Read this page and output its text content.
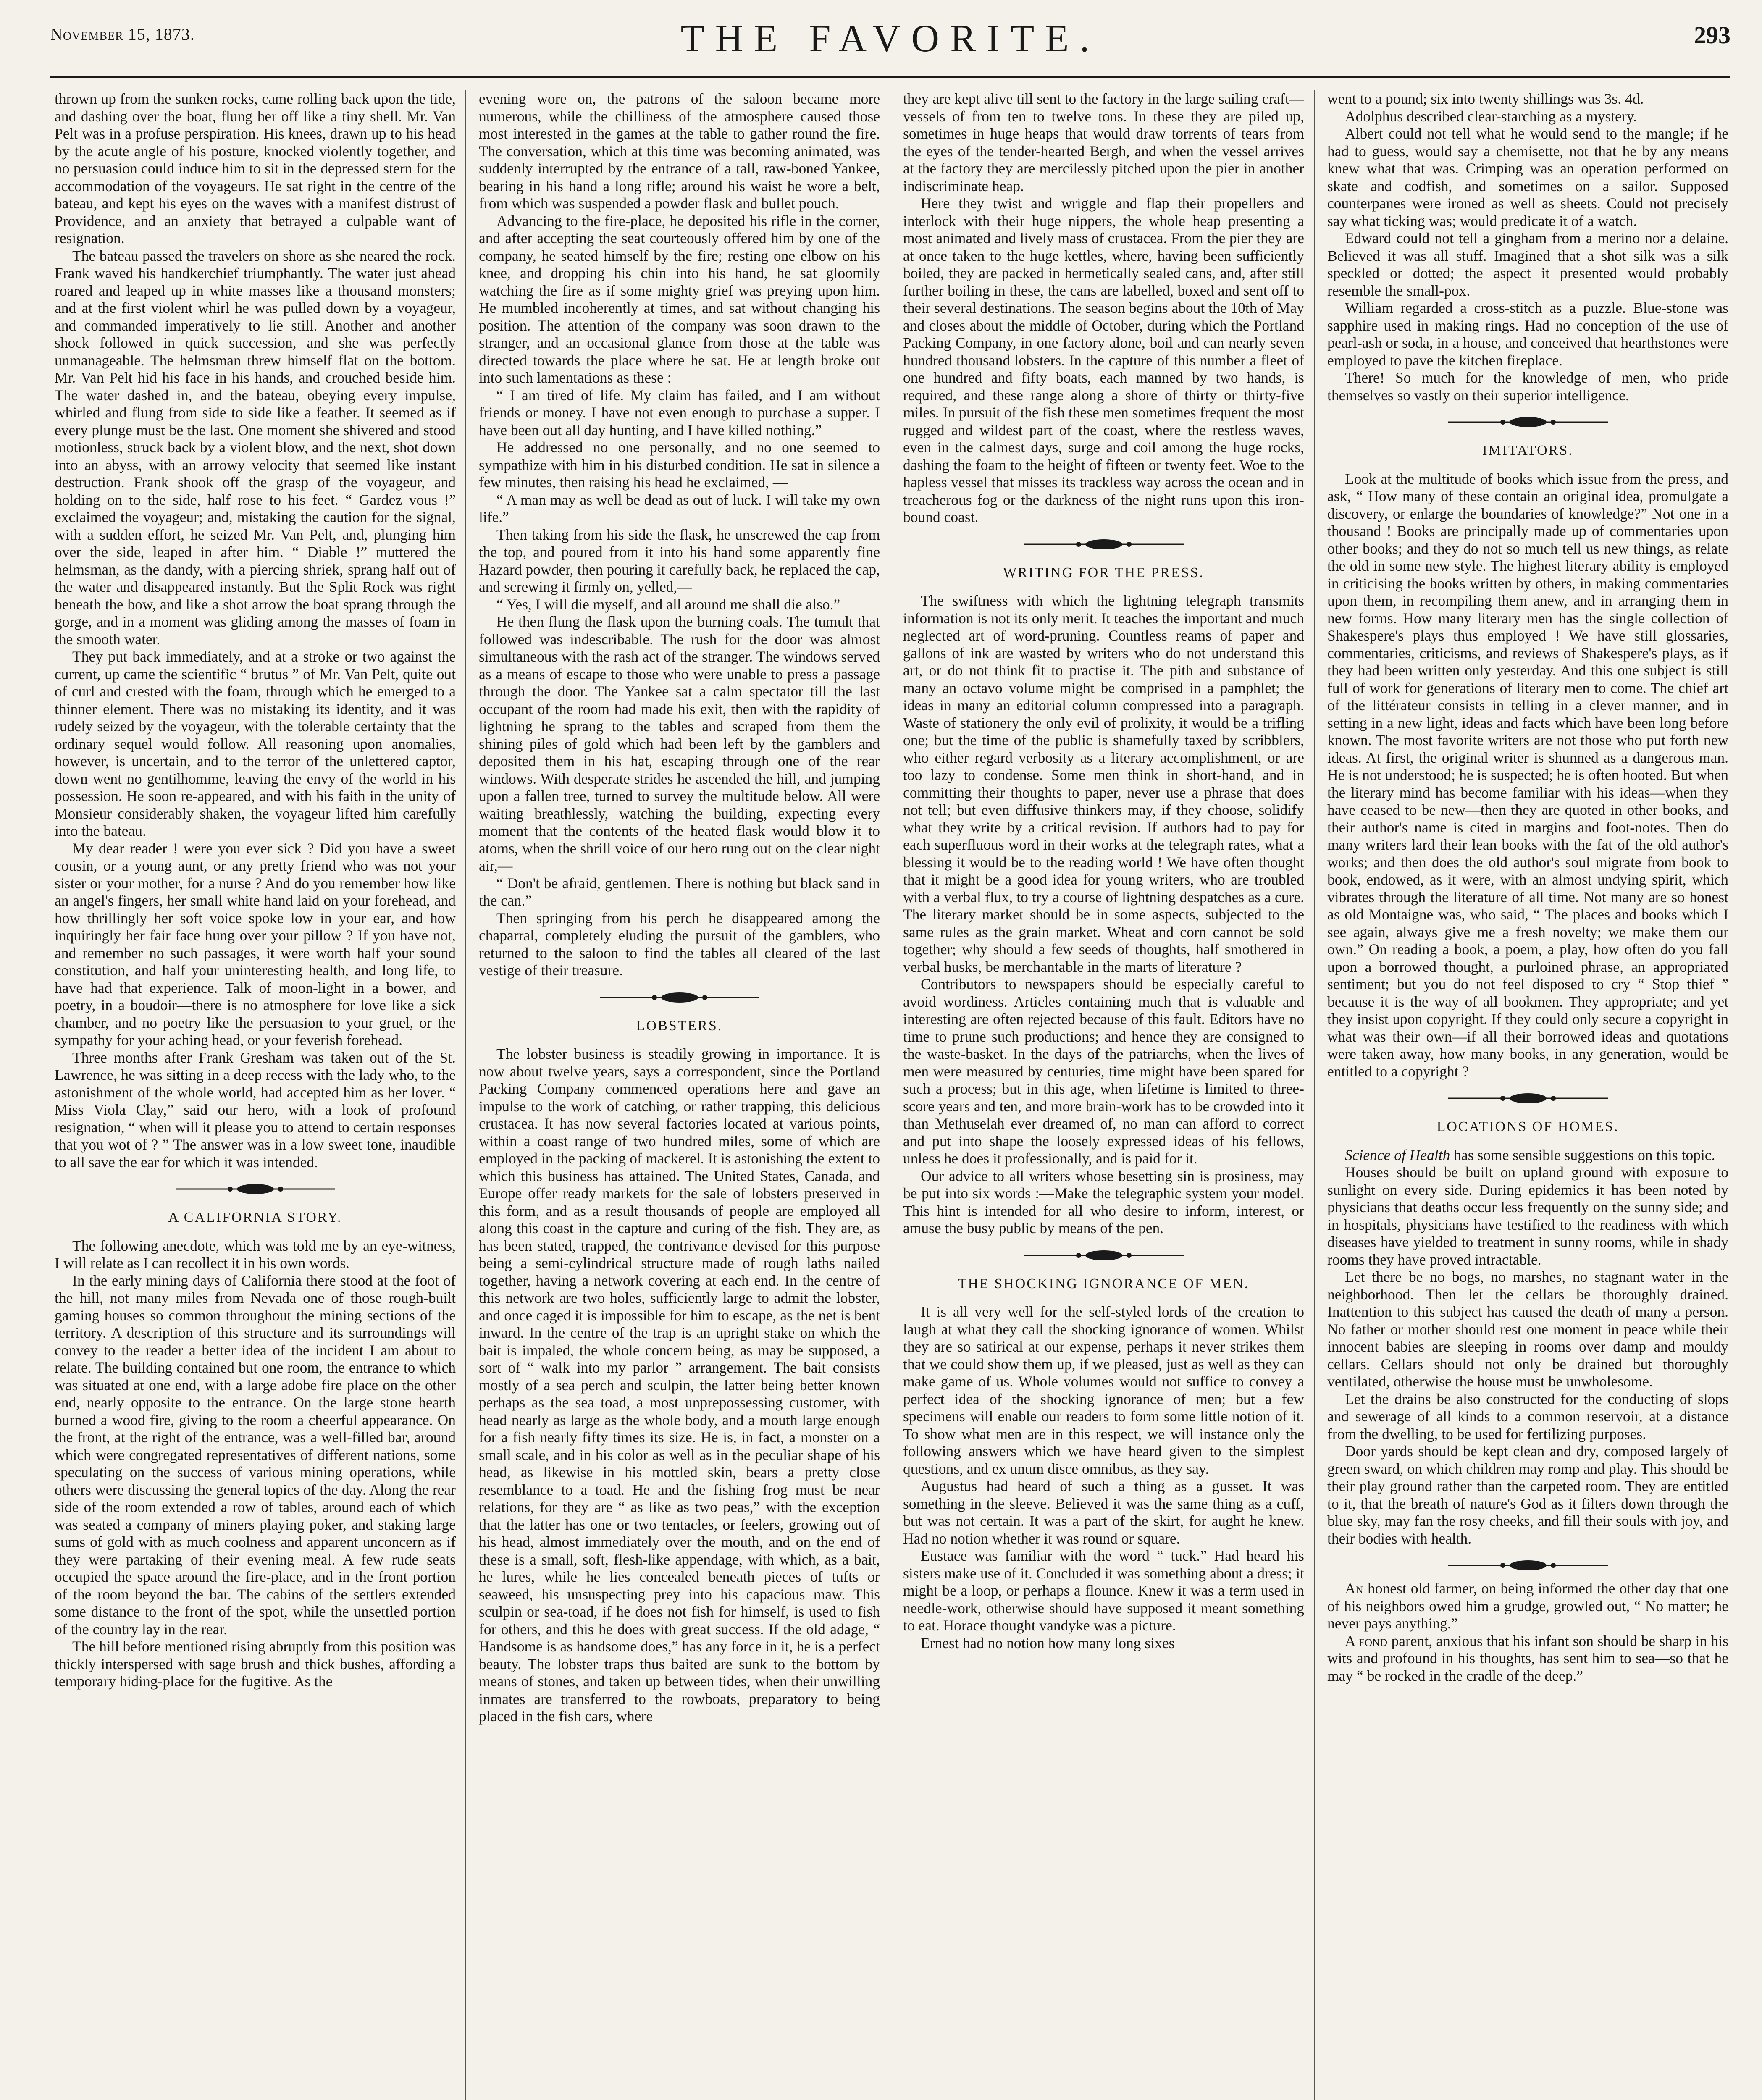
November 15, 1873.	THE FAVORITE.	293

thrown up from the sunken rocks, came rolling back upon the tide, and dashing over the boat, flung her off like a tiny shell. Mr. Van Pelt was in a profuse perspiration. His knees, drawn up to his head by the acute angle of his posture, knocked violently together, and no persuasion could induce him to sit in the depressed stern for the accommodation of the voyageurs. He sat right in the centre of the bateau, and kept his eyes on the waves with a manifest distrust of Providence, and an anxiety that betrayed a culpable want of resignation.

The bateau passed the travelers on shore as she neared the rock. Frank waved his handkerchief triumphantly. The water just ahead roared and leaped up in white masses like a thousand monsters; and at the first violent whirl he was pulled down by a voyageur, and commanded imperatively to lie still. Another and another shock followed in quick succession, and she was perfectly unmanageable. The helmsman threw himself flat on the bottom. Mr. Van Pelt hid his face in his hands, and crouched beside him. The water dashed in, and the bateau, obeying every impulse, whirled and flung from side to side like a feather. It seemed as if every plunge must be the last. One moment she shivered and stood motionless, struck back by a violent blow, and the next, shot down into an abyss, with an arrowy velocity that seemed like instant destruction. Frank shook off the grasp of the voyageur, and holding on to the side, half rose to his feet. “ Gardez vous !” exclaimed the voyageur; and, mistaking the caution for the signal, with a sudden effort, he seized Mr. Van Pelt, and, plunging him over the side, leaped in after him. “ Diable !” muttered the helmsman, as the dandy, with a piercing shriek, sprang half out of the water and disappeared instantly. But the Split Rock was right beneath the bow, and like a shot arrow the boat sprang through the gorge, and in a moment was gliding among the masses of foam in the smooth water.

They put back immediately, and at a stroke or two against the current, up came the scientific “ brutus ” of Mr. Van Pelt, quite out of curl and crested with the foam, through which he emerged to a thinner element. There was no mistaking its identity, and it was rudely seized by the voyageur, with the tolerable certainty that the ordinary sequel would follow. All reasoning upon anomalies, however, is uncertain, and to the terror of the unlettered captor, down went no gentilhomme, leaving the envy of the world in his possession. He soon re-appeared, and with his faith in the unity of Monsieur considerably shaken, the voyageur lifted him carefully into the bateau.

My dear reader ! were you ever sick ? Did you have a sweet cousin, or a young aunt, or any pretty friend who was not your sister or your mother, for a nurse ? And do you remember how like an angel's fingers, her small white hand laid on your forehead, and how thrillingly her soft voice spoke low in your ear, and how inquiringly her fair face hung over your pillow ? If you have not, and remember no such passages, it were worth half your sound constitution, and half your uninteresting health, and long life, to have had that experience. Talk of moon-light in a bower, and poetry, in a boudoir—there is no atmosphere for love like a sick chamber, and no poetry like the persuasion to your gruel, or the sympathy for your aching head, or your feverish forehead.

Three months after Frank Gresham was taken out of the St. Lawrence, he was sitting in a deep recess with the lady who, to the astonishment of the whole world, had accepted him as her lover. “ Miss Viola Clay,” said our hero, with a look of profound resignation, “ when will it please you to attend to certain responses that you wot of ? ” The answer was in a low sweet tone, inaudible to all save the ear for which it was intended.

A CALIFORNIA STORY.

The following anecdote, which was told me by an eye-witness, I will relate as I can recollect it in his own words.

In the early mining days of California there stood at the foot of the hill, not many miles from Nevada one of those rough-built gaming houses so common throughout the mining sections of the territory. A description of this structure and its surroundings will convey to the reader a better idea of the incident I am about to relate. The building contained but one room, the entrance to which was situated at one end, with a large adobe fire place on the other end, nearly opposite to the entrance. On the large stone hearth burned a wood fire, giving to the room a cheerful appearance. On the front, at the right of the entrance, was a well-filled bar, around which were congregated representatives of different nations, some speculating on the success of various mining operations, while others were discussing the general topics of the day. Along the rear side of the room extended a row of tables, around each of which was seated a company of miners playing poker, and staking large sums of gold with as much coolness and apparent unconcern as if they were partaking of their evening meal. A few rude seats occupied the space around the fire-place, and in the front portion of the room beyond the bar. The cabins of the settlers extended some distance to the front of the spot, while the unsettled portion of the country lay in the rear.

The hill before mentioned rising abruptly from this position was thickly interspersed with sage brush and thick bushes, affording a temporary hiding-place for the fugitive. As the

evening wore on, the patrons of the saloon became more numerous, while the chilliness of the atmosphere caused those most interested in the games at the table to gather round the fire. The conversation, which at this time was becoming animated, was suddenly interrupted by the entrance of a tall, raw-boned Yankee, bearing in his hand a long rifle; around his waist he wore a belt, from which was suspended a powder flask and bullet pouch.

Advancing to the fire-place, he deposited his rifle in the corner, and after accepting the seat courteously offered him by one of the company, he seated himself by the fire; resting one elbow on his knee, and dropping his chin into his hand, he sat gloomily watching the fire as if some mighty grief was preying upon him. He mumbled incoherently at times, and sat without changing his position. The attention of the company was soon drawn to the stranger, and an occasional glance from those at the table was directed towards the place where he sat. He at length broke out into such lamentations as these :

“ I am tired of life. My claim has failed, and I am without friends or money. I have not even enough to purchase a supper. I have been out all day hunting, and I have killed nothing.”

He addressed no one personally, and no one seemed to sympathize with him in his disturbed condition. He sat in silence a few minutes, then raising his head he exclaimed, —

“ A man may as well be dead as out of luck. I will take my own life.”

Then taking from his side the flask, he unscrewed the cap from the top, and poured from it into his hand some apparently fine Hazard powder, then pouring it carefully back, he replaced the cap, and screwing it firmly on, yelled,—

“ Yes, I will die myself, and all around me shall die also.”

He then flung the flask upon the burning coals. The tumult that followed was indescribable. The rush for the door was almost simultaneous with the rash act of the stranger. The windows served as a means of escape to those who were unable to press a passage through the door. The Yankee sat a calm spectator till the last occupant of the room had made his exit, then with the rapidity of lightning he sprang to the tables and scraped from them the shining piles of gold which had been left by the gamblers and deposited them in his hat, escaping through one of the rear windows. With desperate strides he ascended the hill, and jumping upon a fallen tree, turned to survey the multitude below. All were waiting breathlessly, watching the building, expecting every moment that the contents of the heated flask would blow it to atoms, when the shrill voice of our hero rung out on the clear night air,—

“ Don't be afraid, gentlemen. There is nothing but black sand in the can.”

Then springing from his perch he disappeared among the chaparral, completely eluding the pursuit of the gamblers, who returned to the saloon to find the tables all cleared of the last vestige of their treasure.

LOBSTERS.

The lobster business is steadily growing in importance. It is now about twelve years, says a correspondent, since the Portland Packing Company commenced operations here and gave an impulse to the work of catching, or rather trapping, this delicious crustacea. It has now several factories located at various points, within a coast range of two hundred miles, some of which are employed in the packing of mackerel. It is astonishing the extent to which this business has attained. The United States, Canada, and Europe offer ready markets for the sale of lobsters preserved in this form, and as a result thousands of people are employed all along this coast in the capture and curing of the fish. They are, as has been stated, trapped, the contrivance devised for this purpose being a semi-cylindrical structure made of rough laths nailed together, having a network covering at each end. In the centre of this network are two holes, sufficiently large to admit the lobster, and once caged it is impossible for him to escape, as the net is bent inward. In the centre of the trap is an upright stake on which the bait is impaled, the whole concern being, as may be supposed, a sort of “ walk into my parlor ” arrangement. The bait consists mostly of a sea perch and sculpin, the latter being better known perhaps as the sea toad, a most unprepossessing customer, with head nearly as large as the whole body, and a mouth large enough for a fish nearly fifty times its size. He is, in fact, a monster on a small scale, and in his color as well as in the peculiar shape of his head, as likewise in his mottled skin, bears a pretty close resemblance to a toad. He and the fishing frog must be near relations, for they are “ as like as two peas,” with the exception that the latter has one or two tentacles, or feelers, growing out of his head, almost immediately over the mouth, and on the end of these is a small, soft, flesh-like appendage, with which, as a bait, he lures, while he lies concealed beneath pieces of tufts or seaweed, his unsuspecting prey into his capacious maw. This sculpin or sea-toad, if he does not fish for himself, is used to fish for others, and this he does with great success. If the old adage, “ Handsome is as handsome does,” has any force in it, he is a perfect beauty. The lobster traps thus baited are sunk to the bottom by means of stones, and taken up between tides, when their unwilling inmates are transferred to the rowboats, preparatory to being placed in the fish cars, where

they are kept alive till sent to the factory in the large sailing craft—vessels of from ten to twelve tons. In these they are piled up, sometimes in huge heaps that would draw torrents of tears from the eyes of the tender-hearted Bergh, and when the vessel arrives at the factory they are mercilessly pitched upon the pier in another indiscriminate heap.

Here they twist and wriggle and flap their propellers and interlock with their huge nippers, the whole heap presenting a most animated and lively mass of crustacea. From the pier they are at once taken to the huge kettles, where, having been sufficiently boiled, they are packed in hermetically sealed cans, and, after still further boiling in these, the cans are labelled, boxed and sent off to their several destinations. The season begins about the 10th of May and closes about the middle of October, during which the Portland Packing Company, in one factory alone, boil and can nearly seven hundred thousand lobsters. In the capture of this number a fleet of one hundred and fifty boats, each manned by two hands, is required, and these range along a shore of thirty or thirty-five miles. In pursuit of the fish these men sometimes frequent the most rugged and wildest part of the coast, where the restless waves, even in the calmest days, surge and coil among the huge rocks, dashing the foam to the height of fifteen or twenty feet. Woe to the hapless vessel that misses its trackless way across the ocean and in treacherous fog or the darkness of the night runs upon this iron-bound coast.

WRITING FOR THE PRESS.

The swiftness with which the lightning telegraph transmits information is not its only merit. It teaches the important and much neglected art of word-pruning. Countless reams of paper and gallons of ink are wasted by writers who do not understand this art, or do not think fit to practise it. The pith and substance of many an octavo volume might be comprised in a pamphlet; the ideas in many an editorial column compressed into a paragraph. Waste of stationery the only evil of prolixity, it would be a trifling one; but the time of the public is shamefully taxed by scribblers, who either regard verbosity as a literary accomplishment, or are too lazy to condense. Some men think in short-hand, and in committing their thoughts to paper, never use a phrase that does not tell; but even diffusive thinkers may, if they choose, solidify what they write by a critical revision. If authors had to pay for each superfluous word in their works at the telegraph rates, what a blessing it would be to the reading world ! We have often thought that it might be a good idea for young writers, who are troubled with a verbal flux, to try a course of lightning despatches as a cure. The literary market should be in some aspects, subjected to the same rules as the grain market. Wheat and corn cannot be sold together; why should a few seeds of thoughts, half smothered in verbal husks, be merchantable in the marts of literature ?

Contributors to newspapers should be especially careful to avoid wordiness. Articles containing much that is valuable and interesting are often rejected because of this fault. Editors have no time to prune such productions; and hence they are consigned to the waste-basket. In the days of the patriarchs, when the lives of men were measured by centuries, time might have been spared for such a process; but in this age, when lifetime is limited to three-score years and ten, and more brain-work has to be crowded into it than Methuselah ever dreamed of, no man can afford to correct and put into shape the loosely expressed ideas of his fellows, unless he does it professionally, and is paid for it.

Our advice to all writers whose besetting sin is prosiness, may be put into six words :—Make the telegraphic system your model. This hint is intended for all who desire to inform, interest, or amuse the busy public by means of the pen.

THE SHOCKING IGNORANCE OF MEN.

It is all very well for the self-styled lords of the creation to laugh at what they call the shocking ignorance of women. Whilst they are so satirical at our expense, perhaps it never strikes them that we could show them up, if we pleased, just as well as they can make game of us. Whole volumes would not suffice to convey a perfect idea of the shocking ignorance of men; but a few specimens will enable our readers to form some little notion of it. To show what men are in this respect, we will instance only the following answers which we have heard given to the simplest questions, and ex unum disce omnibus, as they say.

Augustus had heard of such a thing as a gusset. It was something in the sleeve. Believed it was the same thing as a cuff, but was not certain. It was a part of the skirt, for aught he knew. Had no notion whether it was round or square.

Eustace was familiar with the word “ tuck.” Had heard his sisters make use of it. Concluded it was something about a dress; it might be a loop, or perhaps a flounce. Knew it was a term used in needle-work, otherwise should have supposed it meant something to eat. Horace thought vandyke was a picture.

Ernest had no notion how many long sixes

went to a pound; six into twenty shillings was 3s. 4d.

Adolphus described clear-starching as a mystery.

Albert could not tell what he would send to the mangle; if he had to guess, would say a chemisette, not that he by any means knew what that was. Crimping was an operation performed on skate and codfish, and sometimes on a sailor. Supposed counterpanes were ironed as well as sheets. Could not precisely say what ticking was; would predicate it of a watch.

Edward could not tell a gingham from a merino nor a delaine. Believed it was all stuff. Imagined that a shot silk was a silk speckled or dotted; the aspect it presented would probably resemble the small-pox.

William regarded a cross-stitch as a puzzle. Blue-stone was sapphire used in making rings. Had no conception of the use of pearl-ash or soda, in a house, and conceived that hearthstones were employed to pave the kitchen fireplace.

There! So much for the knowledge of men, who pride themselves so vastly on their superior intelligence.

IMITATORS.

Look at the multitude of books which issue from the press, and ask, “ How many of these contain an original idea, promulgate a discovery, or enlarge the boundaries of knowledge?” Not one in a thousand ! Books are principally made up of commentaries upon other books; and they do not so much tell us new things, as relate the old in some new style. The highest literary ability is employed in criticising the books written by others, in making commentaries upon them, in recompiling them anew, and in arranging them in new forms. How many literary men has the single collection of Shakespere's plays thus employed ! We have still glossaries, commentaries, criticisms, and reviews of Shakespere's plays, as if they had been written only yesterday. And this one subject is still full of work for generations of literary men to come. The chief art of the littérateur consists in telling in a clever manner, and in setting in a new light, ideas and facts which have been long before known. The most favorite writers are not those who put forth new ideas. At first, the original writer is shunned as a dangerous man. He is not understood; he is suspected; he is often hooted. But when the literary mind has become familiar with his ideas—when they have ceased to be new—then they are quoted in other books, and their author's name is cited in margins and foot-notes. Then do many writers lard their lean books with the fat of the old author's works; and then does the old author's soul migrate from book to book, endowed, as it were, with an almost undying spirit, which vibrates through the literature of all time. Not many are so honest as old Montaigne was, who said, “ The places and books which I see again, always give me a fresh novelty; we make them our own.” On reading a book, a poem, a play, how often do you fall upon a borrowed thought, a purloined phrase, an appropriated sentiment; but you do not feel disposed to cry “ Stop thief ” because it is the way of all bookmen. They appropriate; and yet they insist upon copyright. If they could only secure a copyright in what was their own—if all their borrowed ideas and quotations were taken away, how many books, in any generation, would be entitled to a copyright ?

LOCATIONS OF HOMES.

Science of Health has some sensible suggestions on this topic.

Houses should be built on upland ground with exposure to sunlight on every side. During epidemics it has been noted by physicians that deaths occur less frequently on the sunny side; and in hospitals, physicians have testified to the readiness with which diseases have yielded to treatment in sunny rooms, while in shady rooms they have proved intractable.

Let there be no bogs, no marshes, no stagnant water in the neighborhood. Then let the cellars be thoroughly drained. Inattention to this subject has caused the death of many a person. No father or mother should rest one moment in peace while their innocent babies are sleeping in rooms over damp and mouldy cellars. Cellars should not only be drained but thoroughly ventilated, otherwise the house must be unwholesome.

Let the drains be also constructed for the conducting of slops and sewerage of all kinds to a common reservoir, at a distance from the dwelling, to be used for fertilizing purposes.

Door yards should be kept clean and dry, composed largely of green sward, on which children may romp and play. This should be their play ground rather than the carpeted room. They are entitled to it, that the breath of nature's God as it filters down through the blue sky, may fan the rosy cheeks, and fill their souls with joy, and their bodies with health.

An honest old farmer, on being informed the other day that one of his neighbors owed him a grudge, growled out, “ No matter; he never pays anything.”

A fond parent, anxious that his infant son should be sharp in his wits and profound in his thoughts, has sent him to sea—so that he may “ be rocked in the cradle of the deep.”
